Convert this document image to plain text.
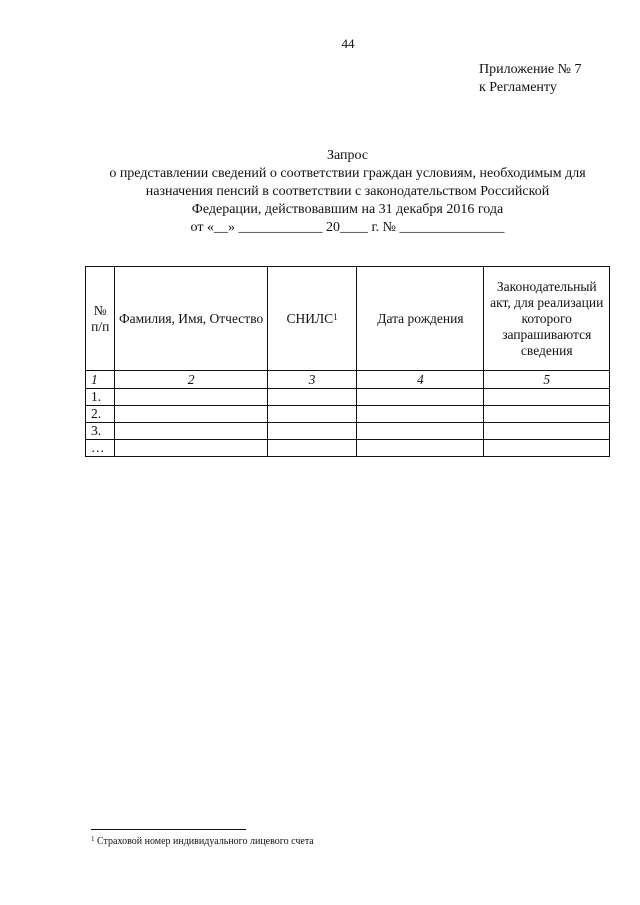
44
Приложение № 7
к Регламенту
Запрос
о представлении сведений о соответствии граждан условиям, необходимым для
назначения пенсий в соответствии с законодательством Российской
Федерации, действовавшим на 31 декабря 2016 года
от «__» ____________ 20____ г. № _______________
№ п/п	Фамилия, Имя, Отчество	СНИЛС$^1$	Дата рождения	Законодательный акт, для реализации которого запрашиваются сведения
1	2	3	4	5
1.				
2.				
3.				
…				
$^1$ Страховой номер индивидуального лицевого счета
